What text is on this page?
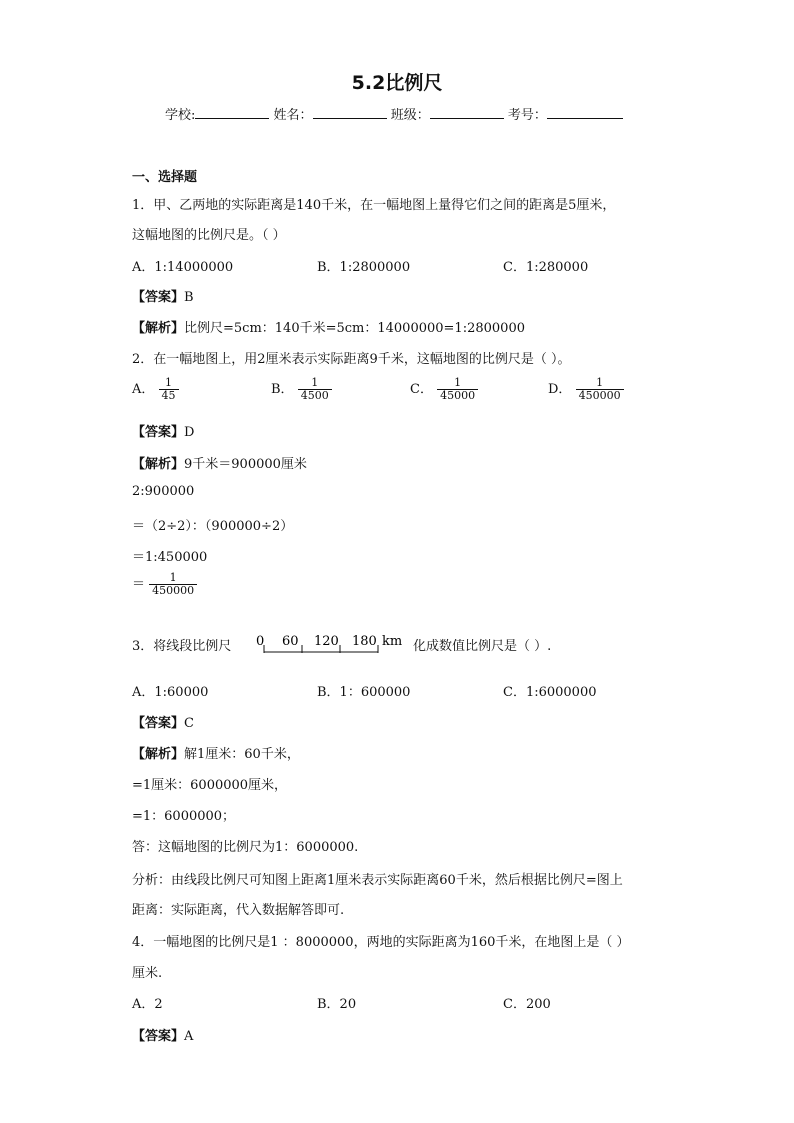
5.2比例尺
学校:	姓名：	班级：	考号：
一、选择题
1．甲、乙两地的实际距离是140千米，在一幅地图上量得它们之间的距离是5厘米，
这幅地图的比例尺是。（ ）
A．1:14000000	B．1:2800000	C．1:280000
【答案】B
【解析】比例尺=5cm：140千米=5cm：14000000=1:2800000
2．在一幅地图上，用2厘米表示实际距离9千米，这幅地图的比例尺是（ ）。
A． $\frac{1}{45}$	B． $\frac{1}{4500}$	C． $\frac{1}{45000}$	D． $\frac{1}{450000}$
【答案】D
【解析】9千米＝900000厘米
2:900000
＝（2÷2）：（900000÷2）
＝1:450000
＝ $\frac{1}{450000}$
3．将线段比例尺 0 60 120 180 km 化成数值比例尺是（ ）.
A．1:60000	B．1：600000	C．1:6000000
【答案】C
【解析】解1厘米：60千米，
=1厘米：6000000厘米，
=1：6000000；
答：这幅地图的比例尺为1：6000000.
分析：由线段比例尺可知图上距离1厘米表示实际距离60千米，然后根据比例尺=图上
距离：实际距离，代入数据解答即可.
4．一幅地图的比例尺是1 ：8000000，两地的实际距离为160千米，在地图上是（ ）
厘米.
A．2	B．20	C．200
【答案】A
